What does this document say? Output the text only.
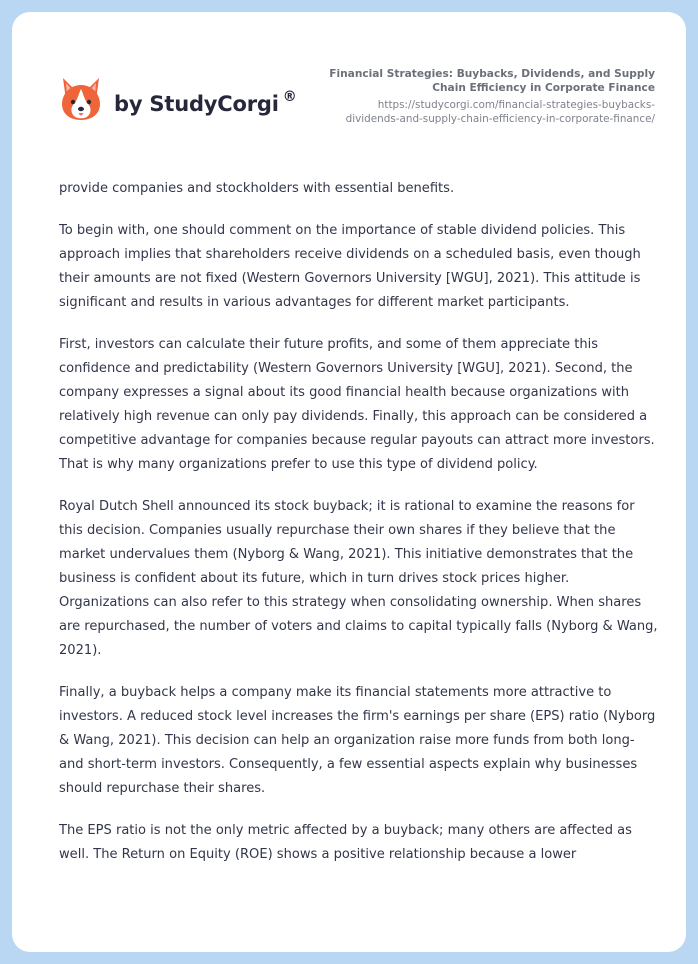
by StudyCorgi ®
Financial Strategies: Buybacks, Dividends, and Supply
Chain Efficiency in Corporate Finance
https://studycorgi.com/financial-strategies-buybacks-
dividends-and-supply-chain-efficiency-in-corporate-finance/

provide companies and stockholders with essential benefits.

To begin with, one should comment on the importance of stable dividend policies. This approach implies that shareholders receive dividends on a scheduled basis, even though their amounts are not fixed (Western Governors University [WGU], 2021). This attitude is significant and results in various advantages for different market participants.

First, investors can calculate their future profits, and some of them appreciate this confidence and predictability (Western Governors University [WGU], 2021). Second, the company expresses a signal about its good financial health because organizations with relatively high revenue can only pay dividends. Finally, this approach can be considered a competitive advantage for companies because regular payouts can attract more investors. That is why many organizations prefer to use this type of dividend policy.

Royal Dutch Shell announced its stock buyback; it is rational to examine the reasons for this decision. Companies usually repurchase their own shares if they believe that the market undervalues them (Nyborg & Wang, 2021). This initiative demonstrates that the business is confident about its future, which in turn drives stock prices higher. Organizations can also refer to this strategy when consolidating ownership. When shares are repurchased, the number of voters and claims to capital typically falls (Nyborg & Wang, 2021).

Finally, a buyback helps a company make its financial statements more attractive to investors. A reduced stock level increases the firm's earnings per share (EPS) ratio (Nyborg & Wang, 2021). This decision can help an organization raise more funds from both long- and short-term investors. Consequently, a few essential aspects explain why businesses should repurchase their shares.

The EPS ratio is not the only metric affected by a buyback; many others are affected as well. The Return on Equity (ROE) shows a positive relationship because a lower
